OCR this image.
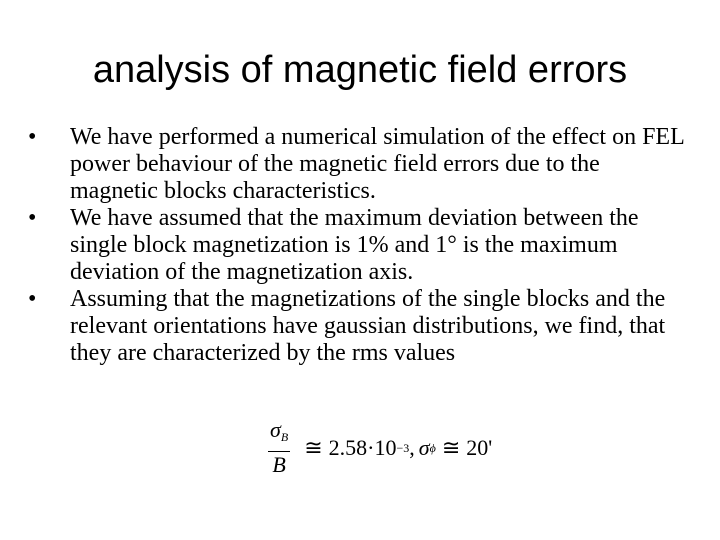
analysis of magnetic field errors
• We have performed a numerical simulation of the effect on FEL power behaviour of the magnetic field errors due to the magnetic blocks characteristics.
• We have assumed that the maximum deviation between the single block magnetization is 1% and 1° is the maximum deviation of the magnetization axis.
• Assuming that the magnetizations of the single blocks and the relevant orientations have gaussian distributions, we find, that they are characterized by the rms values
$\frac{\sigma_B}{B}$ ≅ 2.58·10 −3 , σ ϕ ≅ 20'
